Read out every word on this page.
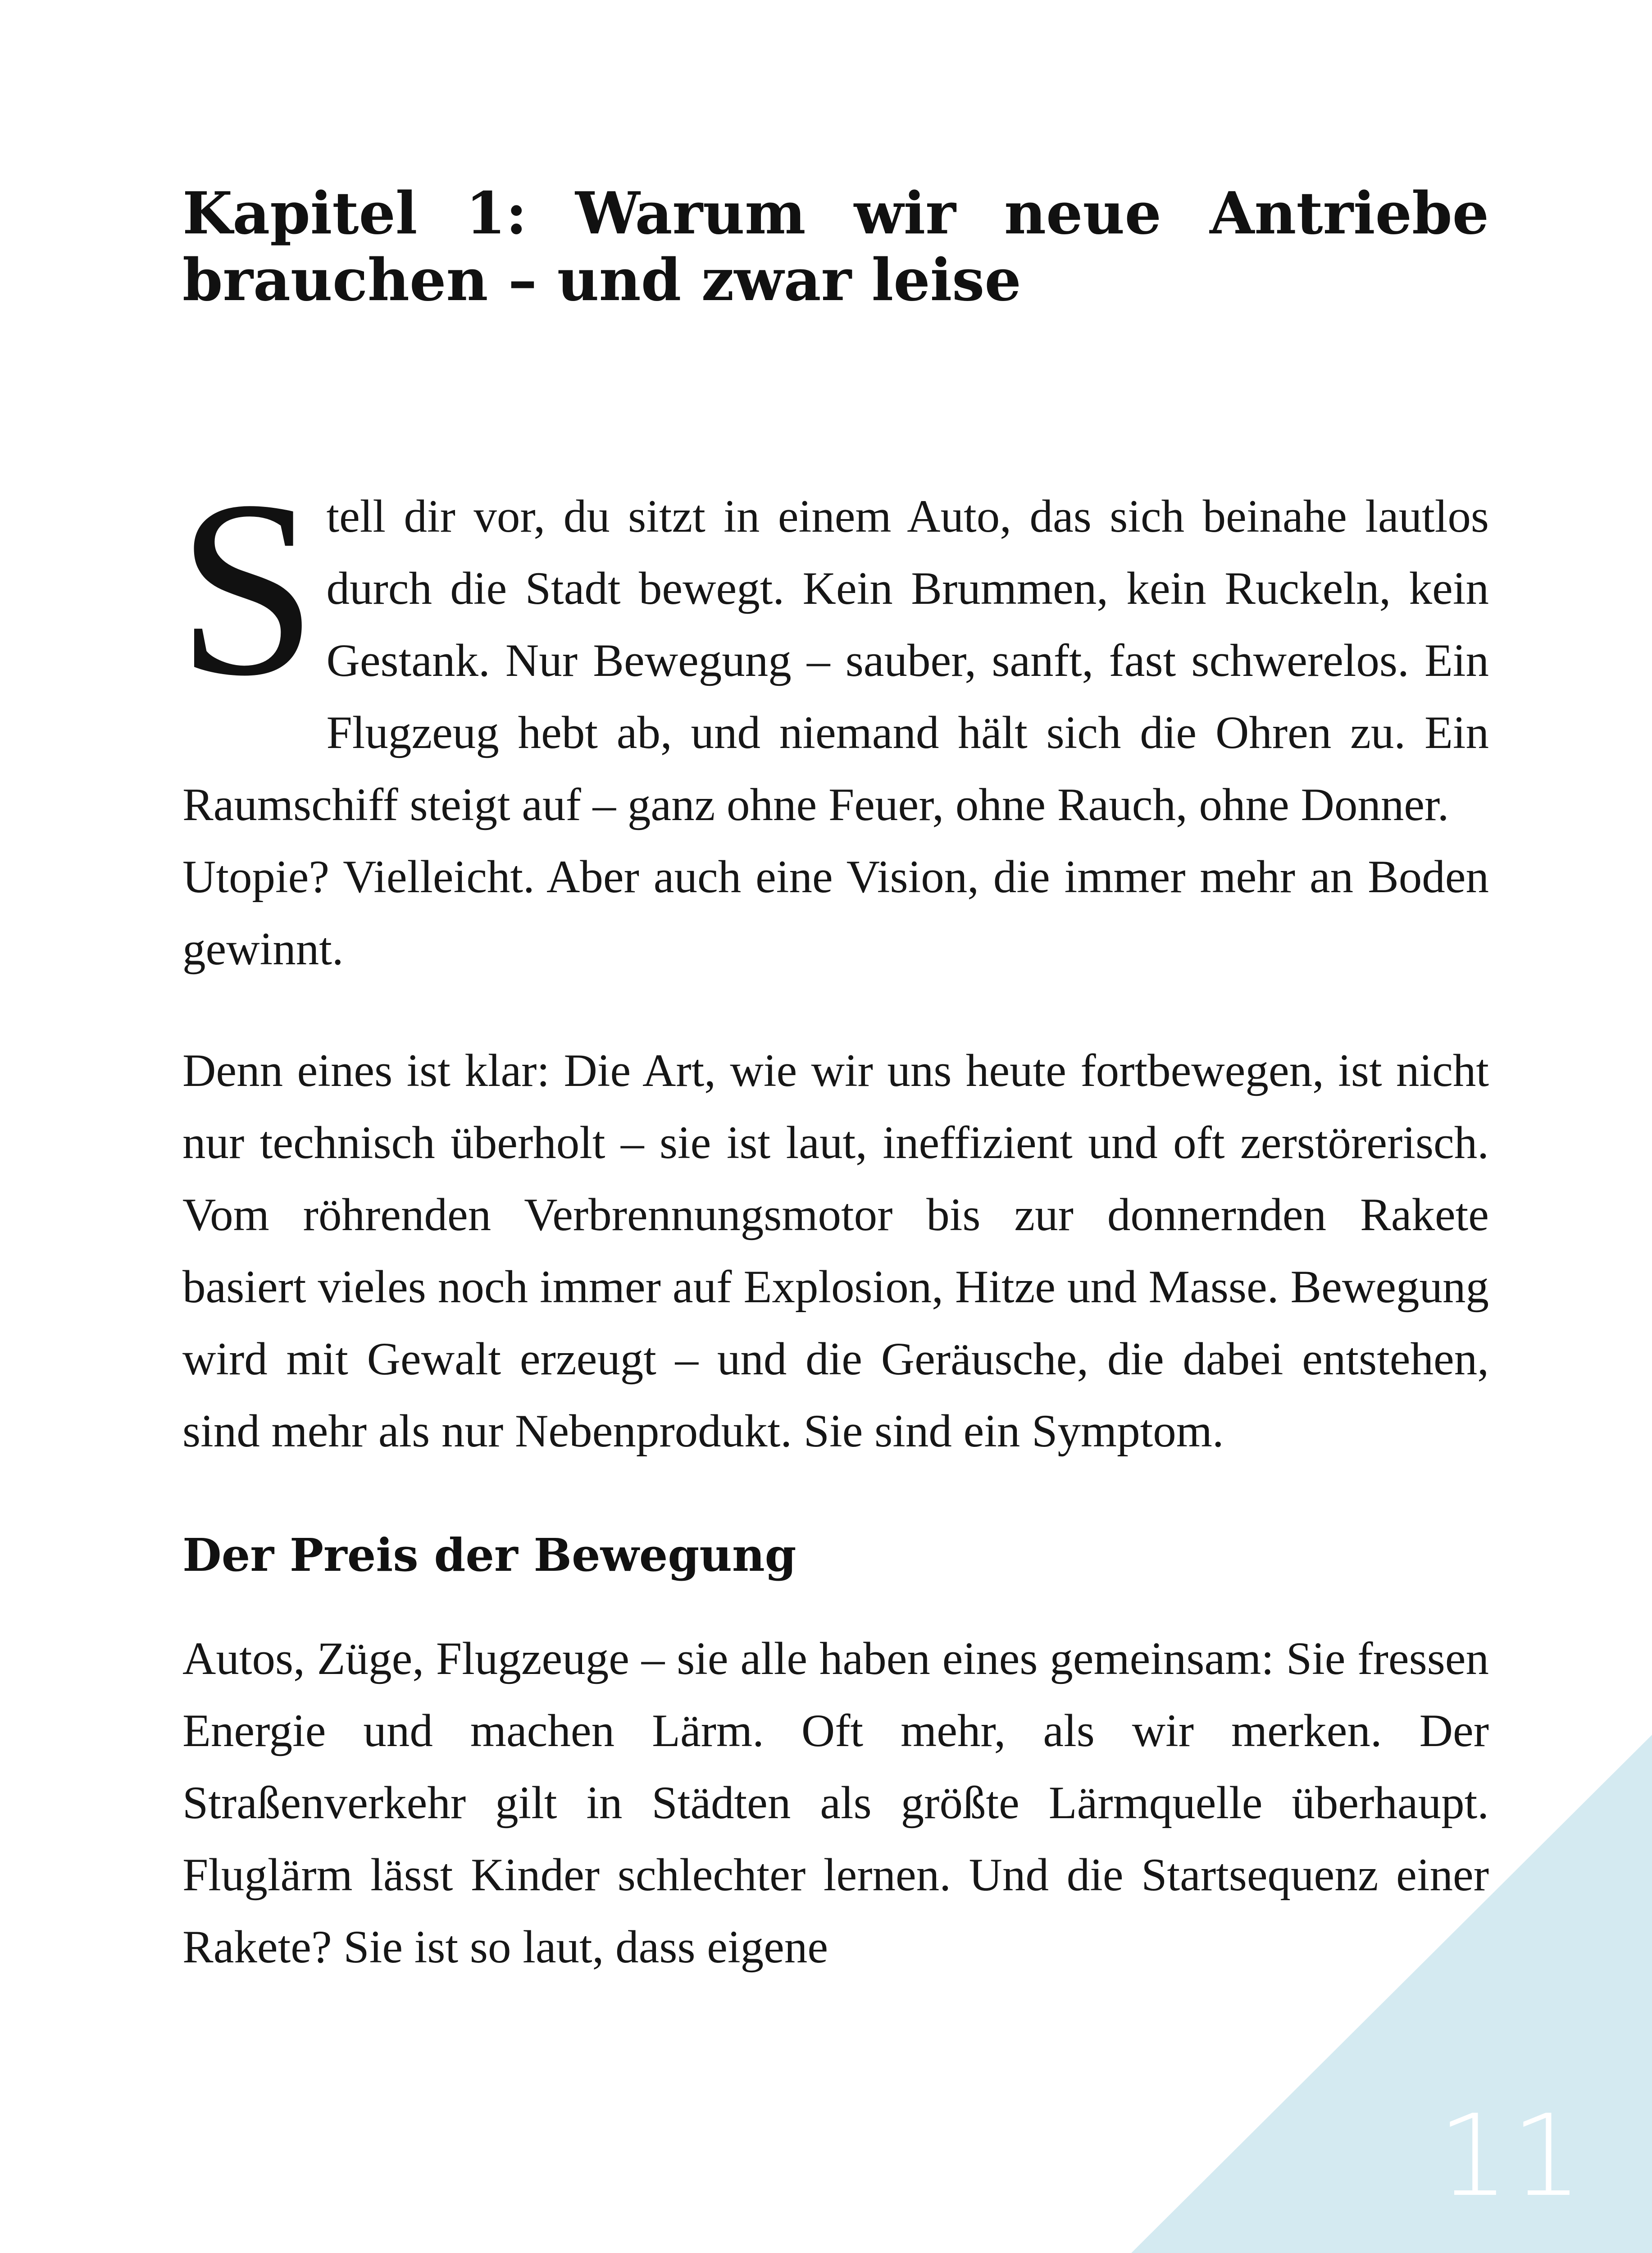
11
Kapitel 1: Warum wir neue Antriebe brauchen – und zwar leise

Stell dir vor, du sitzt in einem Auto, das sich beinahe lautlos durch die Stadt bewegt. Kein Brummen, kein Ruckeln, kein Gestank. Nur Bewegung – sauber, sanft, fast schwerelos. Ein Flugzeug hebt ab, und niemand hält sich die Ohren zu. Ein Raumschiff steigt auf – ganz ohne Feuer, ohne Rauch, ohne Donner.
Utopie? Vielleicht. Aber auch eine Vision, die immer mehr an Boden gewinnt.

Denn eines ist klar: Die Art, wie wir uns heute fortbewegen, ist nicht nur technisch überholt – sie ist laut, ineffizient und oft zerstörerisch. Vom röhrenden Verbrennungsmotor bis zur donnernden Rakete basiert vieles noch immer auf Explosion, Hitze und Masse. Bewegung wird mit Gewalt erzeugt – und die Geräusche, die dabei entstehen, sind mehr als nur Nebenprodukt. Sie sind ein Symptom.

Der Preis der Bewegung

Autos, Züge, Flugzeuge – sie alle haben eines gemeinsam: Sie fressen Energie und machen Lärm. Oft mehr, als wir merken. Der Straßenverkehr gilt in Städten als größte Lärmquelle überhaupt. Fluglärm lässt Kinder schlechter lernen. Und die Startsequenz einer Rakete? Sie ist so laut, dass eigene
